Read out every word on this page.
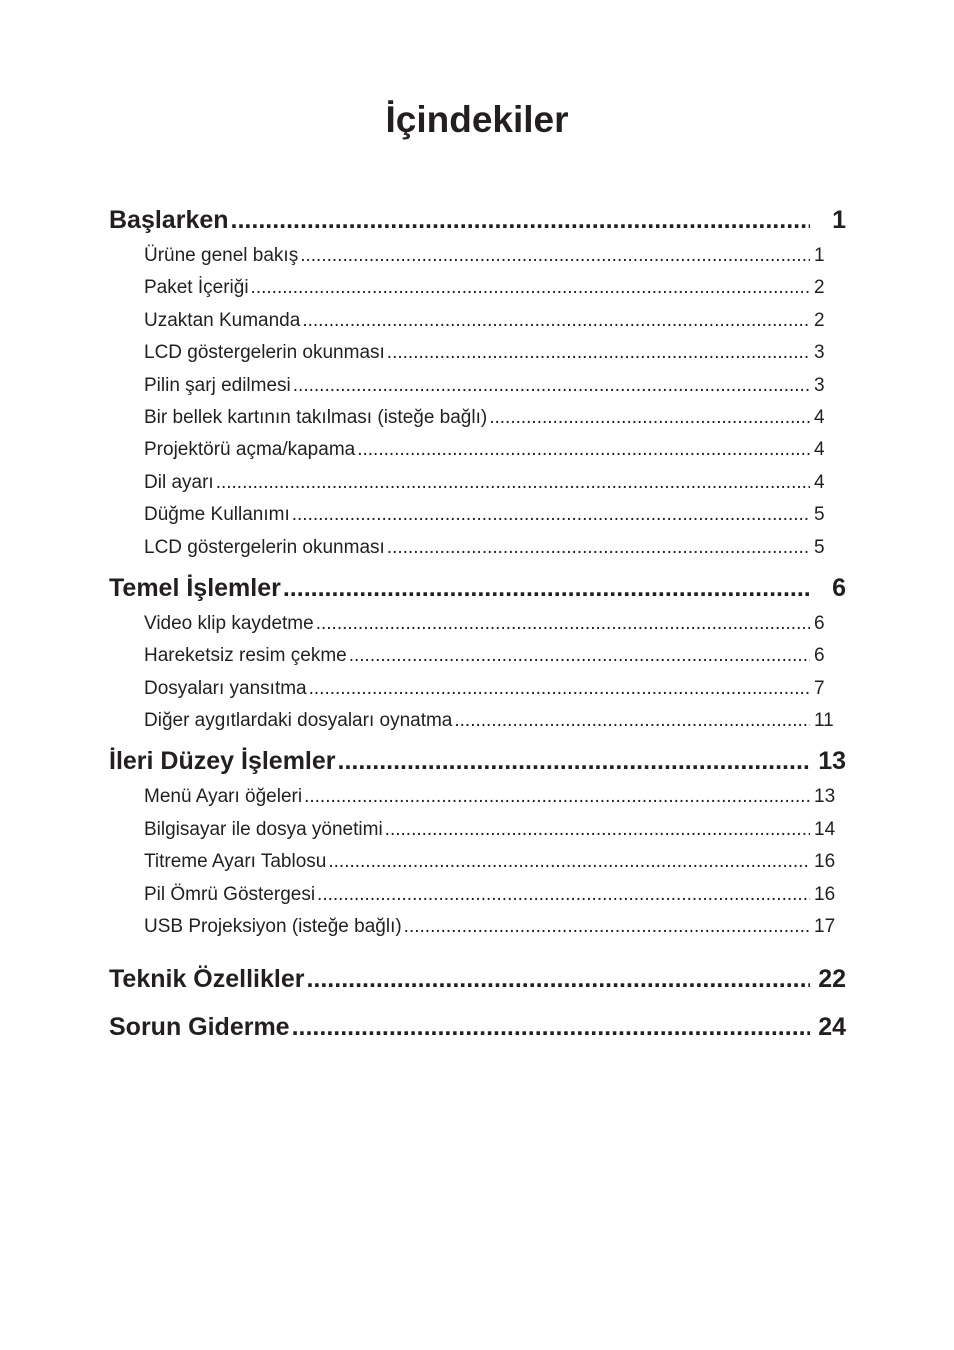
İçindekiler
Başlarken .....	1
Ürüne genel bakış .....	1
Paket İçeriği .....	2
Uzaktan Kumanda .....	2
LCD göstergelerin okunması .....	3
Pilin şarj edilmesi .....	3
Bir bellek kartının takılması (isteğe bağlı) .....	4
Projektörü açma/kapama .....	4
Dil ayarı .....	4
Düğme Kullanımı .....	5
LCD göstergelerin okunması .....	5
Temel İşlemler .....	6
Video klip kaydetme .....	6
Hareketsiz resim çekme .....	6
Dosyaları yansıtma .....	7
Diğer aygıtlardaki dosyaları oynatma .....	11
İleri Düzey İşlemler .....	13
Menü Ayarı öğeleri .....	13
Bilgisayar ile dosya yönetimi .....	14
Titreme Ayarı Tablosu .....	16
Pil Ömrü Göstergesi .....	16
USB Projeksiyon (isteğe bağlı) .....	17
Teknik Özellikler .....	22
Sorun Giderme .....	24
